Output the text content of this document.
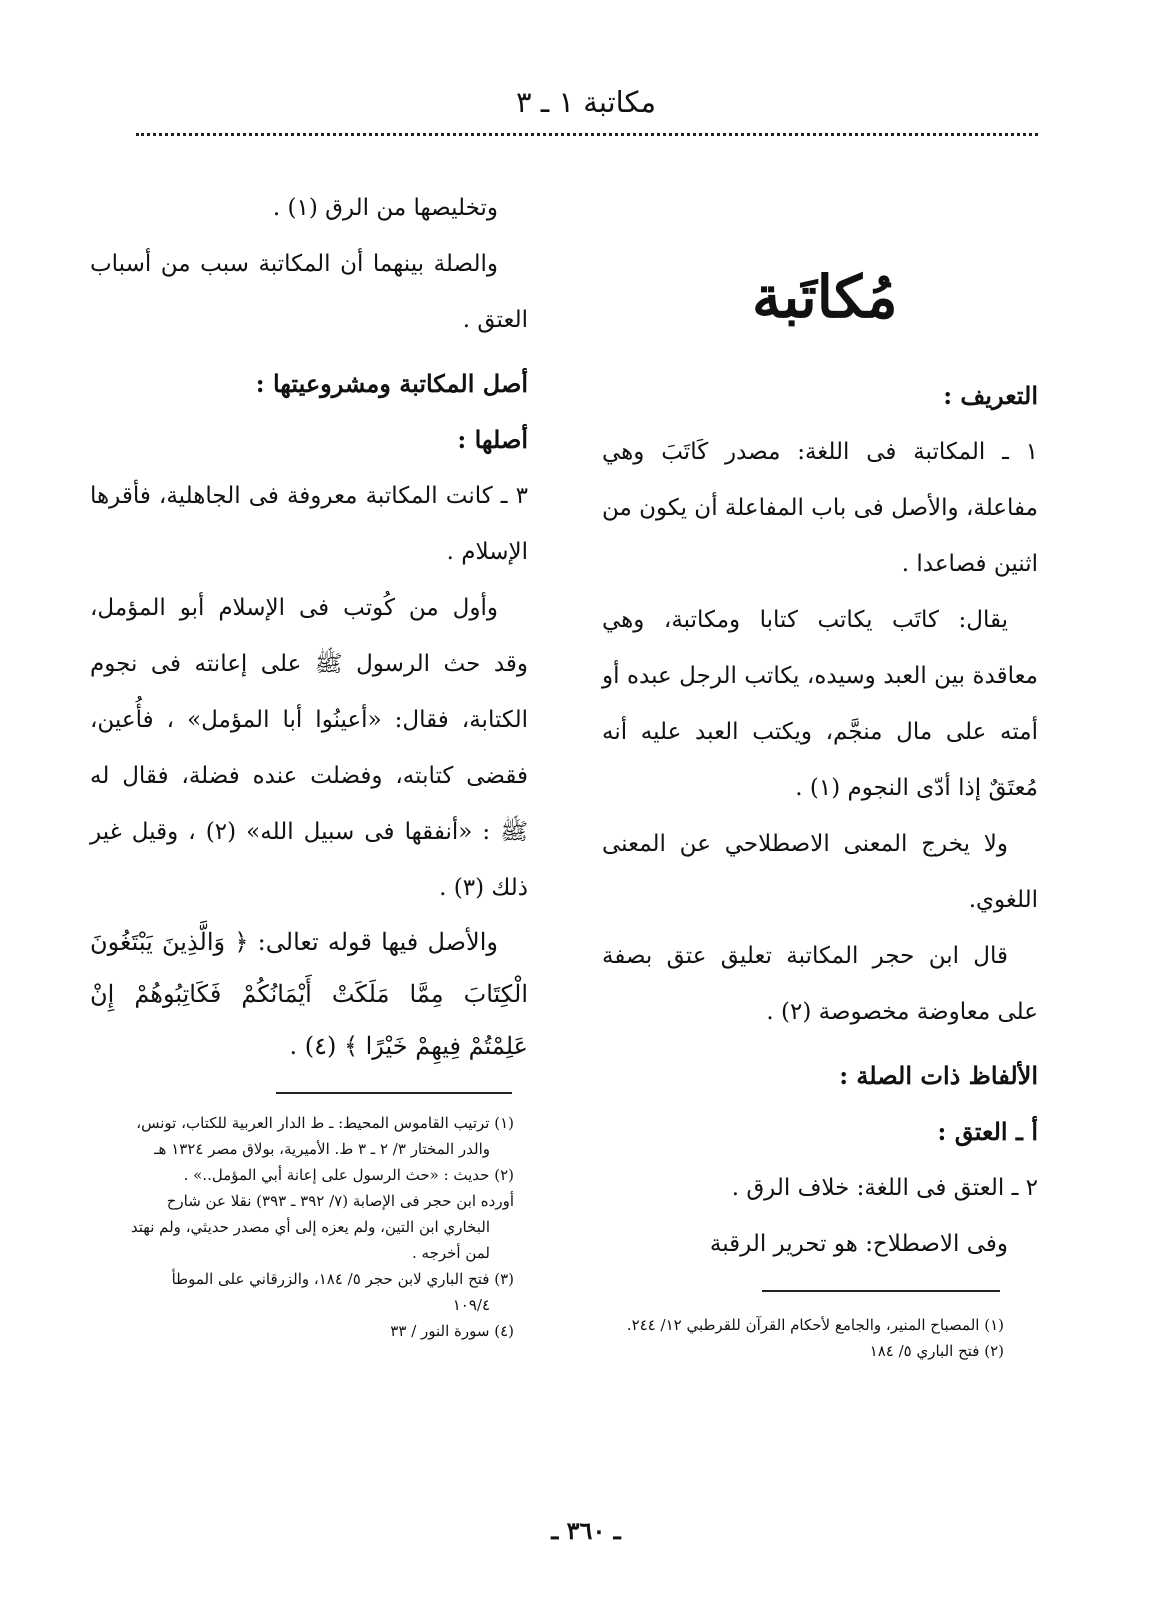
مكاتبة ١ ـ ٣
مُكاتَبة

التعريف :

١ ـ المكاتبة فى اللغة: مصدر كَاتَبَ وهي مفاعلة، والأصل فى باب المفاعلة أن يكون من اثنين فصاعدا .

يقال: كاتَب يكاتب كتابا ومكاتبة، وهي معاقدة بين العبد وسيده، يكاتب الرجل عبده أو أمته على مال منجَّم، ويكتب العبد عليه أنه مُعتَقٌ إذا أدّى النجوم (١) .

ولا يخرج المعنى الاصطلاحي عن المعنى اللغوي.

قال ابن حجر المكاتبة تعليق عتق بصفة على معاوضة مخصوصة (٢) .

الألفاظ ذات الصلة :

أ ـ العتق :

٢ ـ العتق فى اللغة: خلاف الرق .

وفى الاصطلاح: هو تحرير الرقبة

وتخليصها من الرق (١) .

والصلة بينهما أن المكاتبة سبب من أسباب العتق .

أصل المكاتبة ومشروعيتها :

أصلها :

٣ ـ كانت المكاتبة معروفة فى الجاهلية، فأقرها الإسلام .

وأول من كُوتب فى الإسلام أبو المؤمل، وقد حث الرسول ﷺ على إعانته فى نجوم الكتابة، فقال: «أعينُوا أبا المؤمل» ، فأُعين، فقضى كتابته، وفضلت عنده فضلة، فقال له ﷺ : «أنفقها فى سبيل الله» (٢) ، وقيل غير ذلك (٣) .

والأصل فيها قوله تعالى: ﴿ وَالَّذِينَ يَبْتَغُونَ الْكِتَابَ مِمَّا مَلَكَتْ أَيْمَانُكُمْ فَكَاتِبُوهُمْ إِنْ عَلِمْتُمْ فِيهِمْ خَيْرًا ﴾ (٤) .

(١) المصباح المنير، والجامع لأحكام القرآن للقرطبي ١٢/ ٢٤٤.

(٢) فتح الباري ٥/ ١٨٤

(١) ترتيب القاموس المحيط: ـ ط الدار العربية للكتاب، تونس،

والدر المختار ٣/ ٢ ـ ٣ ط. الأميرية، بولاق مصر ١٣٢٤ هـ

(٢) حديث : «حث الرسول على إعانة أبي المؤمل..» .

أورده ابن حجر فى الإصابة (٧/ ٣٩٢ ـ ٣٩٣) نقلا عن شارح

البخاري ابن التين، ولم يعزه إلى أي مصدر حديثي، ولم نهتد

لمن أخرجه .

(٣) فتح الباري لابن حجر ٥/ ١٨٤، والزرقاني على الموطأ

١٠٩/٤

(٤) سورة النور / ٣٣

ـ ٣٦٠ ـ
